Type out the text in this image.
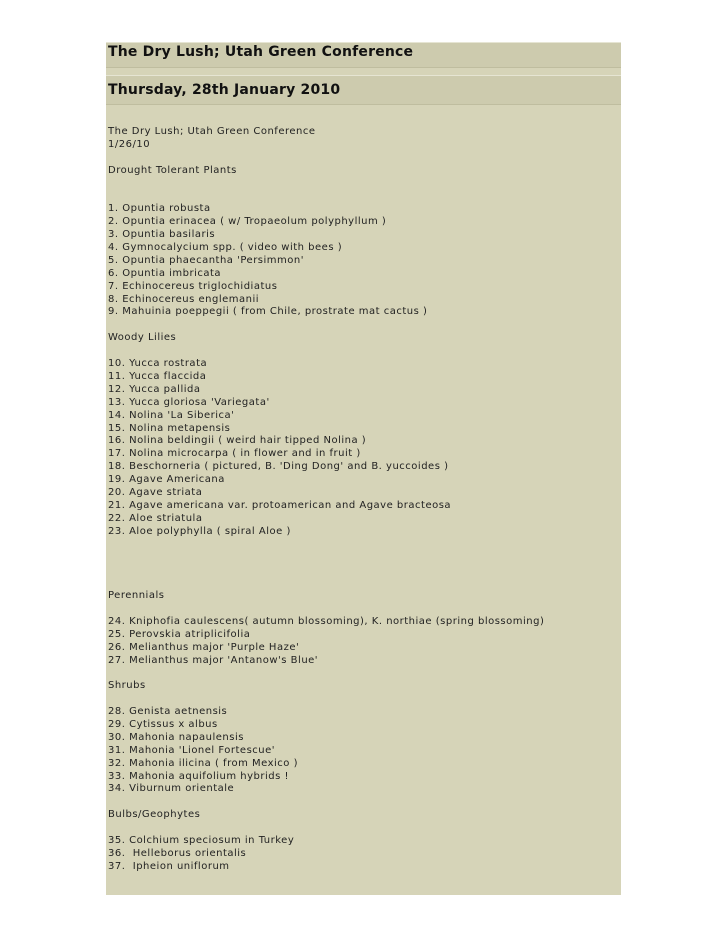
The Dry Lush; Utah Green Conference
Thursday, 28th January 2010
The Dry Lush; Utah Green Conference
1/26/10
Drought Tolerant Plants
1. Opuntia robusta
2. Opuntia erinacea ( w/ Tropaeolum polyphyllum )
3. Opuntia basilaris
4. Gymnocalycium spp. ( video with bees )
5. Opuntia phaecantha 'Persimmon'
6. Opuntia imbricata
7. Echinocereus triglochidiatus
8. Echinocereus englemanii
9. Mahuinia poeppegii ( from Chile, prostrate mat cactus )
Woody Lilies
10. Yucca rostrata
11. Yucca flaccida
12. Yucca pallida
13. Yucca gloriosa 'Variegata'
14. Nolina 'La Siberica'
15. Nolina metapensis
16. Nolina beldingii ( weird hair tipped Nolina )
17. Nolina microcarpa ( in flower and in fruit )
18. Beschorneria ( pictured, B. 'Ding Dong' and B. yuccoides )
19. Agave Americana
20. Agave striata
21. Agave americana var. protoamerican and Agave bracteosa
22. Aloe striatula
23. Aloe polyphylla ( spiral Aloe )
Perennials
24. Kniphofia caulescens( autumn blossoming), K. northiae (spring blossoming)
25. Perovskia atriplicifolia
26. Melianthus major 'Purple Haze'
27. Melianthus major 'Antanow's Blue'
Shrubs
28. Genista aetnensis
29. Cytissus x albus
30. Mahonia napaulensis
31. Mahonia 'Lionel Fortescue'
32. Mahonia ilicina ( from Mexico )
33. Mahonia aquifolium hybrids !
34. Viburnum orientale
Bulbs/Geophytes
35. Colchium speciosum in Turkey
36.  Helleborus orientalis
37.  Ipheion uniflorum
